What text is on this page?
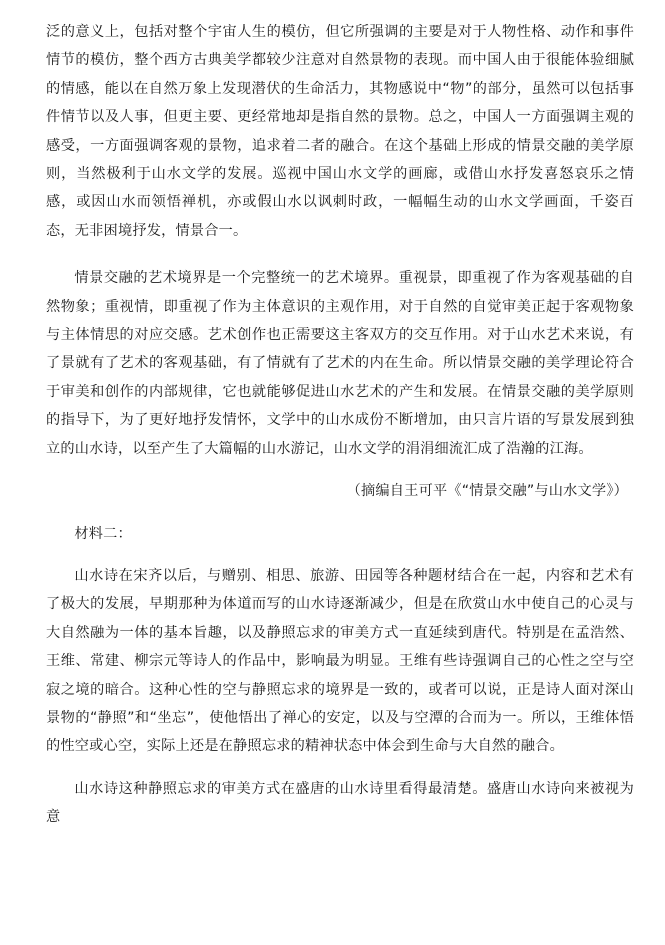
泛的意义上，包括对整个宇宙人生的模仿，但它所强调的主要是对于人物性格、动作和事件情节的模仿，整个西方古典美学都较少注意对自然景物的表现。而中国人由于很能体验细腻的情感，能以在自然万象上发现潜伏的生命活力，其物感说中“物”的部分，虽然可以包括事件情节以及人事，但更主要、更经常地却是指自然的景物。总之，中国人一方面强调主观的感受，一方面强调客观的景物，追求着二者的融合。在这个基础上形成的情景交融的美学原则，当然极利于山水文学的发展。巡视中国山水文学的画廊，或借山水抒发喜怒哀乐之情感，或因山水而领悟禅机，亦或假山水以讽刺时政，一幅幅生动的山水文学画面，千姿百态，无非困境抒发，情景合一。

情景交融的艺术境界是一个完整统一的艺术境界。重视景，即重视了作为客观基础的自然物象；重视情，即重视了作为主体意识的主观作用，对于自然的自觉审美正起于客观物象与主体情思的对应交感。艺术创作也正需要这主客双方的交互作用。对于山水艺术来说，有了景就有了艺术的客观基础，有了情就有了艺术的内在生命。所以情景交融的美学理论符合于审美和创作的内部规律，它也就能够促进山水艺术的产生和发展。在情景交融的美学原则的指导下，为了更好地抒发情怀，文学中的山水成份不断增加，由只言片语的写景发展到独立的山水诗，以至产生了大篇幅的山水游记，山水文学的涓涓细流汇成了浩瀚的江海。

（摘编自王可平《“情景交融”与山水文学》）

材料二：

山水诗在宋齐以后，与赠别、相思、旅游、田园等各种题材结合在一起，内容和艺术有了极大的发展，早期那种为体道而写的山水诗逐渐减少，但是在欣赏山水中使自己的心灵与大自然融为一体的基本旨趣，以及静照忘求的审美方式一直延续到唐代。特别是在孟浩然、王维、常建、柳宗元等诗人的作品中，影响最为明显。王维有些诗强调自己的心性之空与空寂之境的暗合。这种心性的空与静照忘求的境界是一致的，或者可以说，正是诗人面对深山景物的“静照”和“坐忘”，使他悟出了禅心的安定，以及与空潭的合而为一。所以，王维体悟的性空或心空，实际上还是在静照忘求的精神状态中体会到生命与大自然的融合。

山水诗这种静照忘求的审美方式在盛唐的山水诗里看得最清楚。盛唐山水诗向来被视为意
